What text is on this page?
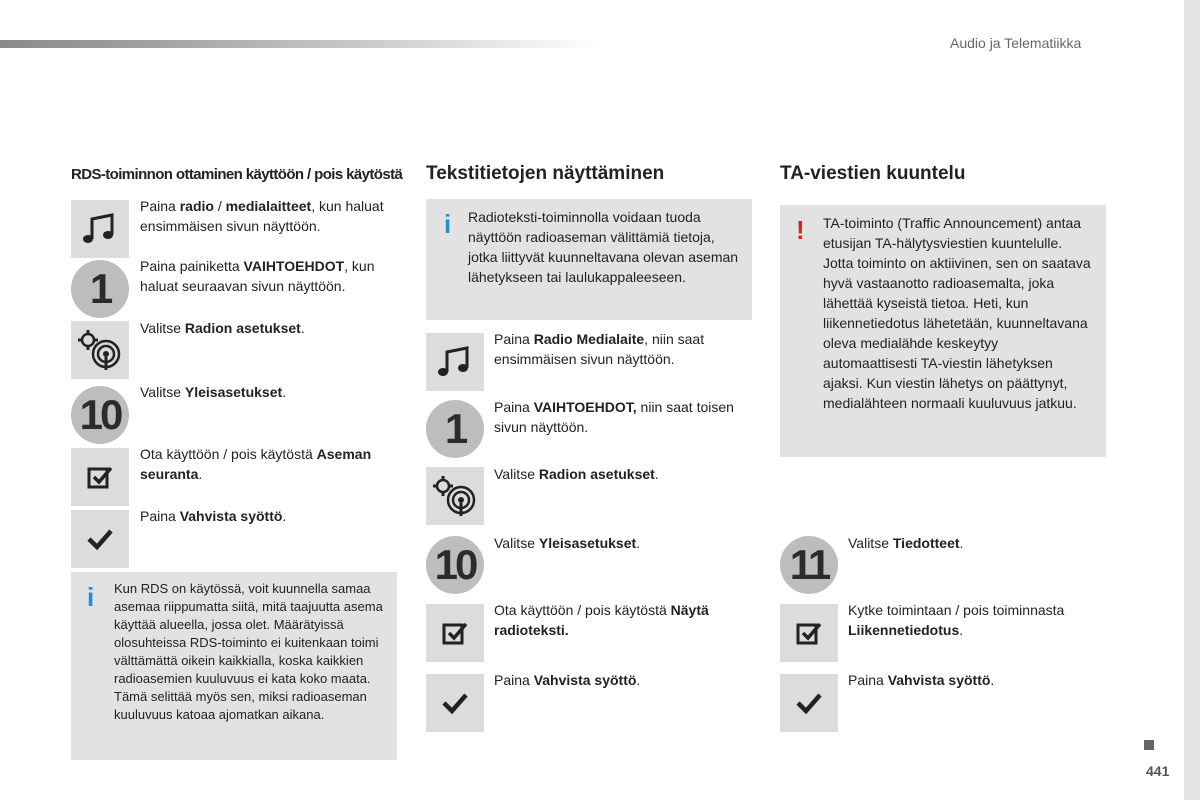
Audio ja Telematiikka
RDS-toiminnon ottaminen käyttöön / pois käytöstä
Paina radio / medialaitteet, kun haluat ensimmäisen sivun näyttöön.
1	Paina painiketta VAIHTOEHDOT, kun haluat seuraavan sivun näyttöön.
Valitse Radion asetukset.
10	Valitse Yleisasetukset.
Ota käyttöön / pois käytöstä Aseman seuranta.
Paina Vahvista syöttö.
i Kun RDS on käytössä, voit kuunnella samaa asemaa riippumatta siitä, mitä taajuutta asema käyttää alueella, jossa olet. Määrätyissä olosuhteissa RDS-toiminto ei kuitenkaan toimi välttämättä oikein kaikkialla, koska kaikkien radioasemien kuuluvuus ei kata koko maata. Tämä selittää myös sen, miksi radioaseman kuuluvuus katoaa ajomatkan aikana.
Tekstitietojen näyttäminen
i Radioteksti-toiminnolla voidaan tuoda näyttöön radioaseman välittämiä tietoja, jotka liittyvät kuunneltavana olevan aseman lähetykseen tai laulukappaleeseen.
Paina Radio Medialaite, niin saat ensimmäisen sivun näyttöön.
1	Paina VAIHTOEHDOT, niin saat toisen sivun näyttöön.
Valitse Radion asetukset.
10	Valitse Yleisasetukset.
Ota käyttöön / pois käytöstä Näytä radioteksti.
Paina Vahvista syöttö.
TA-viestien kuuntelu
! TA-toiminto (Traffic Announcement) antaa etusijan TA-hälytysviestien kuuntelulle. Jotta toiminto on aktiivinen, sen on saatava hyvä vastaanotto radioasemalta, joka lähettää kyseistä tietoa. Heti, kun liikennetiedotus lähetetään, kuunneltavana oleva medialähde keskeytyy automaattisesti TA-viestin lähetyksen ajaksi. Kun viestin lähetys on päättynyt, medialähteen normaali kuuluvuus jatkuu.
11	Valitse Tiedotteet.
Kytke toimintaan / pois toiminnasta Liikennetiedotus.
Paina Vahvista syöttö.
441
